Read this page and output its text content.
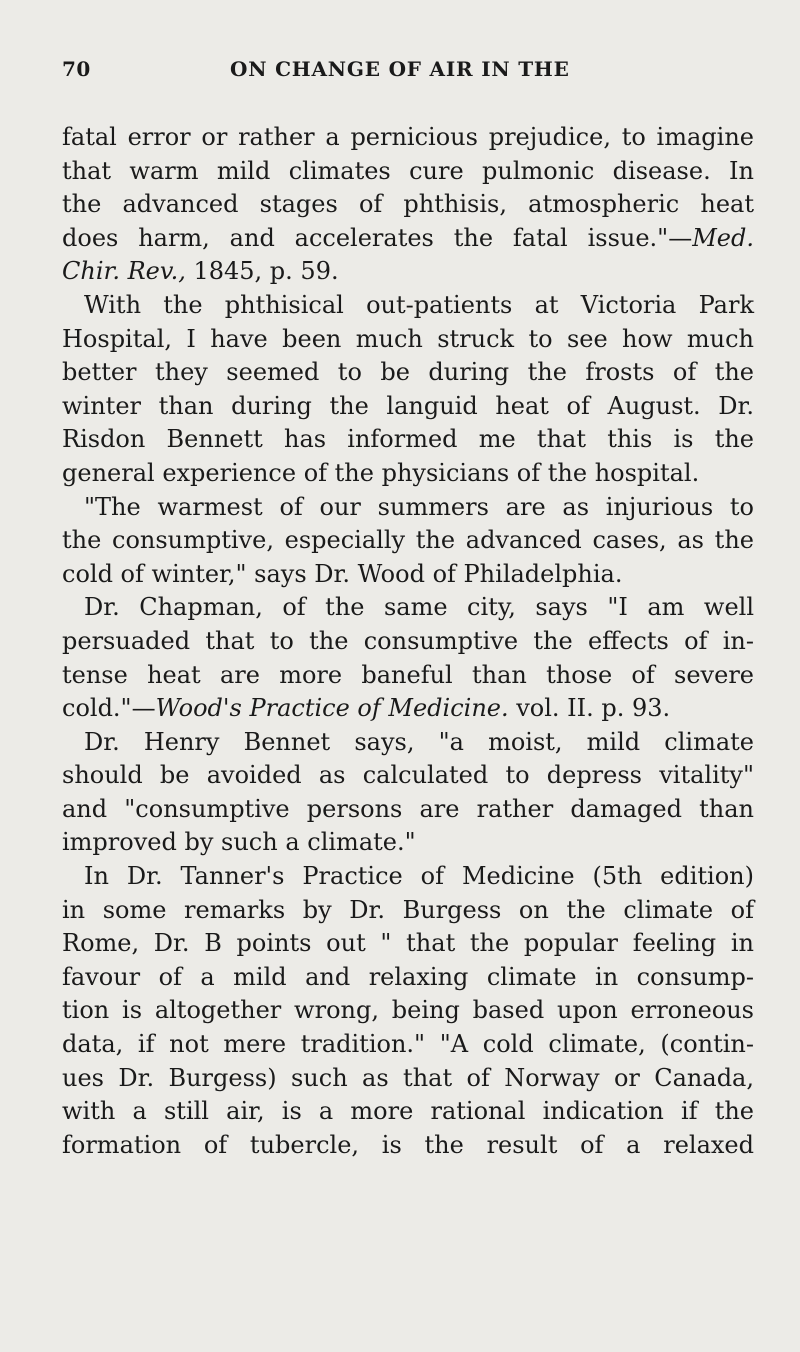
70	ON CHANGE OF AIR IN THE
fatal error or rather a pernicious prejudice, to imagine
that warm mild climates cure pulmonic disease. In
the advanced stages of phthisis, atmospheric heat
does harm, and accelerates the fatal issue."—Med.
Chir. Rev., 1845, p. 59.
With the phthisical out-patients at Victoria Park
Hospital, I have been much struck to see how much
better they seemed to be during the frosts of the
winter than during the languid heat of August. Dr.
Risdon Bennett has informed me that this is the
general experience of the physicians of the hospital.
"The warmest of our summers are as injurious to
the consumptive, especially the advanced cases, as the
cold of winter," says Dr. Wood of Philadelphia.
Dr. Chapman, of the same city, says "I am well
persuaded that to the consumptive the effects of in-
tense heat are more baneful than those of severe
cold."—Wood's Practice of Medicine. vol. II. p. 93.
Dr. Henry Bennet says, "a moist, mild climate
should be avoided as calculated to depress vitality"
and "consumptive persons are rather damaged than
improved by such a climate."
In Dr. Tanner's Practice of Medicine (5th edition)
in some remarks by Dr. Burgess on the climate of
Rome, Dr. B points out " that the popular feeling in
favour of a mild and relaxing climate in consump-
tion is altogether wrong, being based upon erroneous
data, if not mere tradition." "A cold climate, (contin-
ues Dr. Burgess) such as that of Norway or Canada,
with a still air, is a more rational indication if the
formation of tubercle, is the result of a relaxed
